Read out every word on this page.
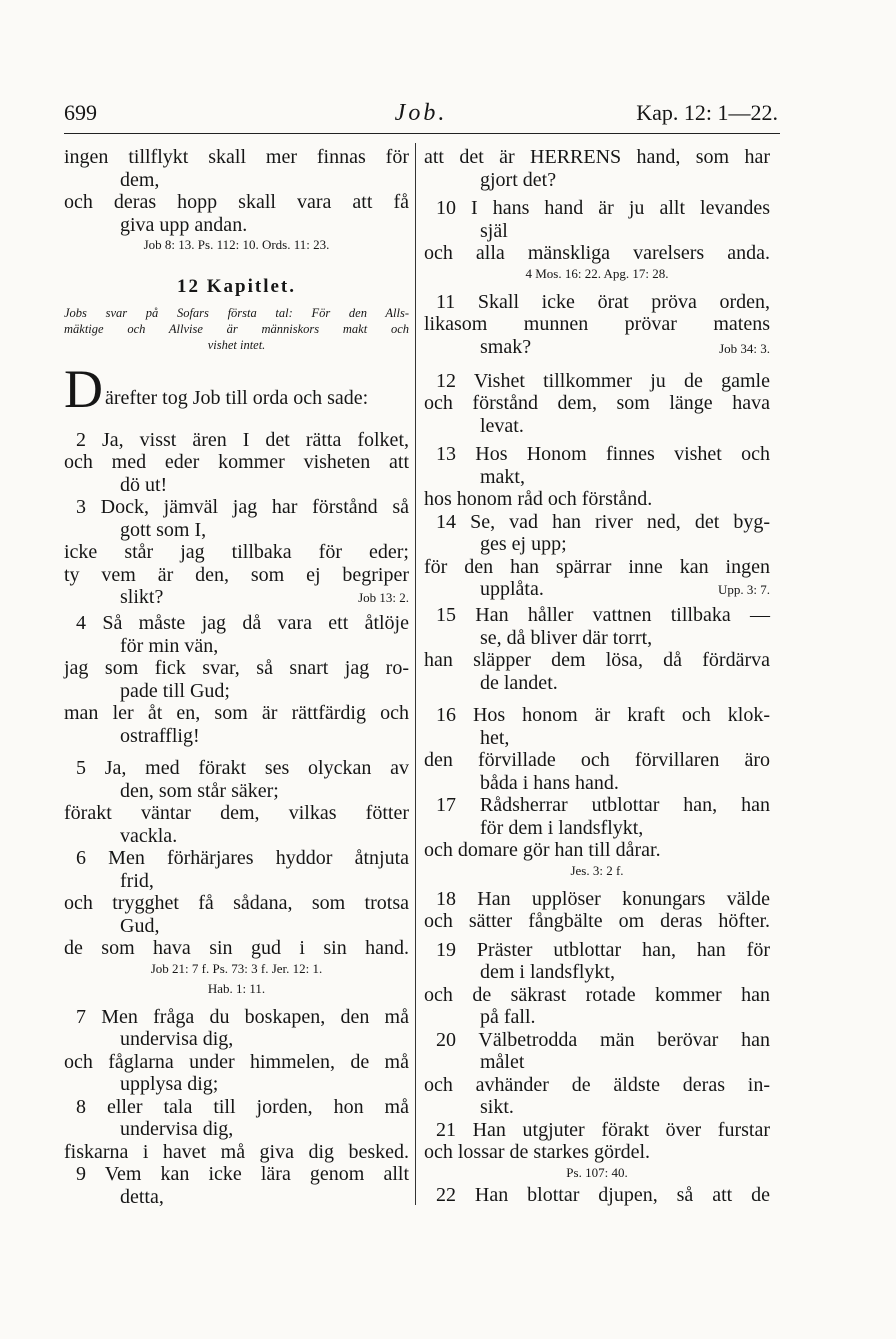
699	Job.	Kap. 12: 1—22.
ingen tillflykt skall mer finnas för
dem,
och deras hopp skall vara att få
giva upp andan.
Job 8: 13. Ps. 112: 10. Ords. 11: 23.
12 Kapitlet.
Jobs svar på Sofars första tal: För den Alls-
mäktige och Allvise är människors makt och
vishet intet.
D ärefter tog Job till orda och sade:
2 Ja, visst ären I det rätta folket,
och med eder kommer visheten att
dö ut!
3 Dock, jämväl jag har förstånd så
gott som I,
icke står jag tillbaka för eder;
ty vem är den, som ej begriper
slikt?	Job 13: 2.
4 Så måste jag då vara ett åtlöje
för min vän,
jag som fick svar, så snart jag ro-
pade till Gud;
man ler åt en, som är rättfärdig och
ostrafflig!
5 Ja, med förakt ses olyckan av
den, som står säker;
förakt väntar dem, vilkas fötter
vackla.
6 Men förhärjares hyddor åtnjuta
frid,
och trygghet få sådana, som trotsa
Gud,
de som hava sin gud i sin hand.
Job 21: 7 f. Ps. 73: 3 f. Jer. 12: 1.
Hab. 1: 11.
7 Men fråga du boskapen, den må
undervisa dig,
och fåglarna under himmelen, de må
upplysa dig;
8 eller tala till jorden, hon må
undervisa dig,
fiskarna i havet må giva dig besked.
9 Vem kan icke lära genom allt
detta,
att det är HERRENS hand, som har
gjort det?
10 I hans hand är ju allt levandes
själ
och alla mänskliga varelsers anda.
4 Mos. 16: 22. Apg. 17: 28.
11 Skall icke örat pröva orden,
likasom munnen prövar matens
smak?	Job 34: 3.
12 Vishet tillkommer ju de gamle
och förstånd dem, som länge hava
levat.
13 Hos Honom finnes vishet och
makt,
hos honom råd och förstånd.
14 Se, vad han river ned, det byg-
ges ej upp;
för den han spärrar inne kan ingen
upplåta.	Upp. 3: 7.
15 Han håller vattnen tillbaka —
se, då bliver där torrt,
han släpper dem lösa, då fördärva
de landet.
16 Hos honom är kraft och klok-
het,
den förvillade och förvillaren äro
båda i hans hand.
17 Rådsherrar utblottar han, han
för dem i landsflykt,
och domare gör han till dårar.
Jes. 3: 2 f.
18 Han upplöser konungars välde
och sätter fångbälte om deras höfter.
19 Präster utblottar han, han för
dem i landsflykt,
och de säkrast rotade kommer han
på fall.
20 Välbetrodda män berövar han
målet
och avhänder de äldste deras in-
sikt.
21 Han utgjuter förakt över furstar
och lossar de starkes gördel.
Ps. 107: 40.
22 Han blottar djupen, så att de
